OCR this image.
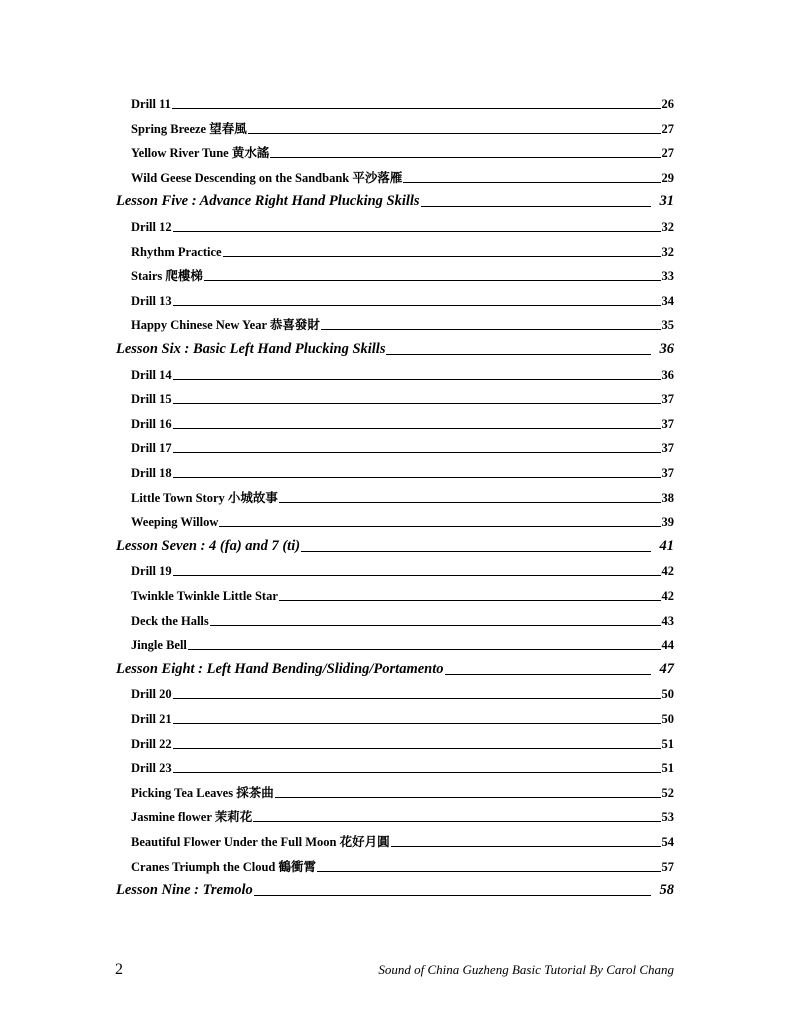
Drill 11	26
Spring Breeze 望春風	27
Yellow River Tune 黄水謠	27
Wild Geese Descending on the Sandbank 平沙落雁	29
Lesson Five : Advance Right Hand Plucking Skills	31
Drill 12	32
Rhythm Practice	32
Stairs 爬樓梯	33
Drill 13	34
Happy Chinese New Year 恭喜發財	35
Lesson Six : Basic Left Hand Plucking Skills	36
Drill 14	36
Drill 15	37
Drill 16	37
Drill 17	37
Drill 18	37
Little Town Story 小城故事	38
Weeping Willow	39
Lesson Seven : 4 (fa) and 7 (ti)	41
Drill 19	42
Twinkle Twinkle Little Star	42
Deck the Halls	43
Jingle Bell	44
Lesson Eight : Left Hand Bending/Sliding/Portamento	47
Drill 20	50
Drill 21	50
Drill 22	51
Drill 23	51
Picking Tea Leaves 採茶曲	52
Jasmine flower 茉莉花	53
Beautiful Flower Under the Full Moon 花好月圓	54
Cranes Triumph the Cloud 鶴衝霄	57
Lesson Nine : Tremolo	58
2	Sound of China Guzheng Basic Tutorial By Carol Chang
